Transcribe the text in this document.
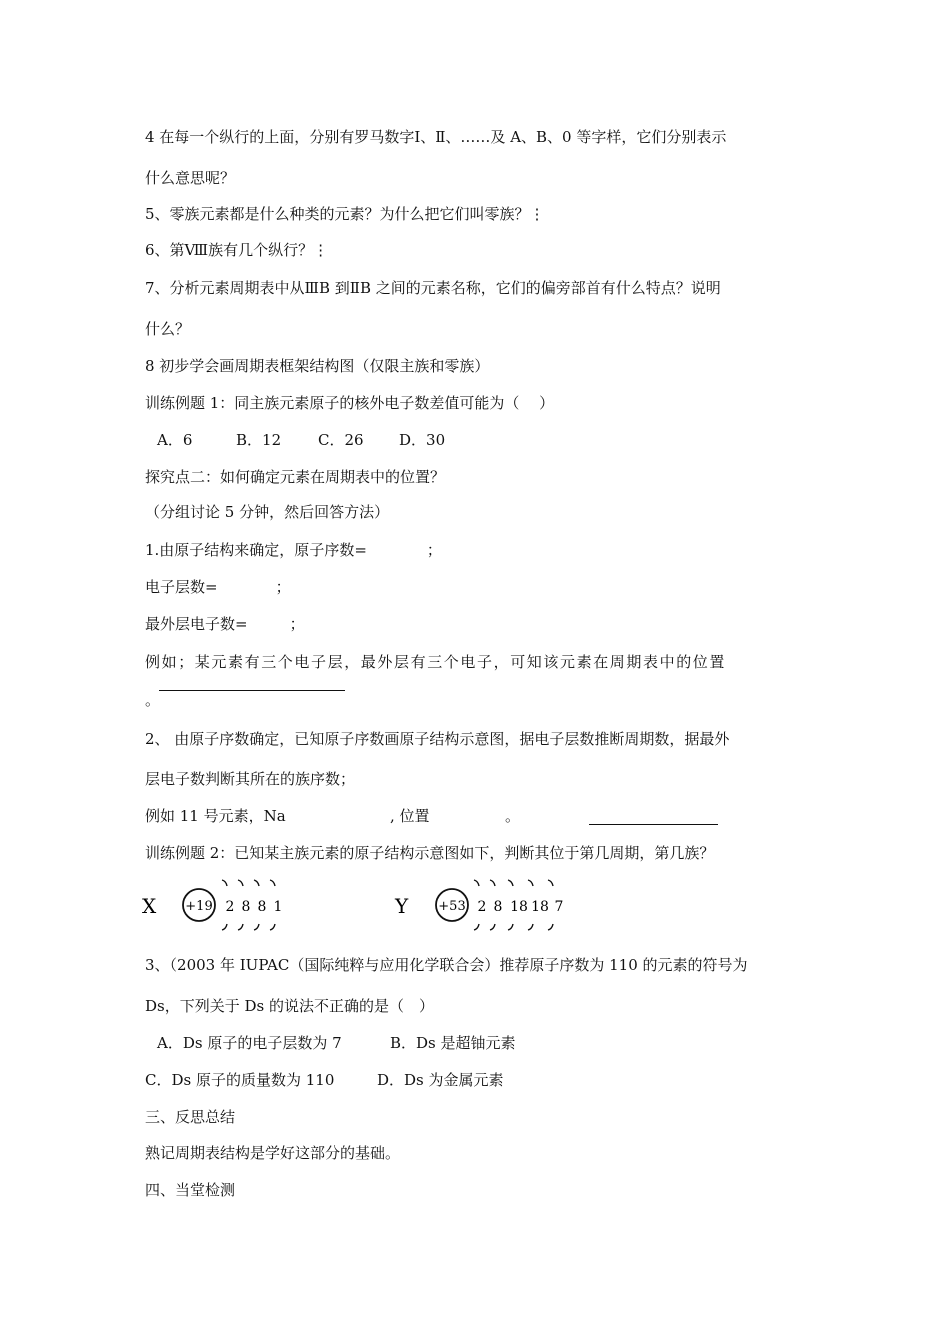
4 在每一个纵行的上面，分别有罗马数字Ⅰ、Ⅱ、……及 A、B、0 等字样，它们分别表示
什么意思呢？
5、零族元素都是什么种类的元素？为什么把它们叫零族？⋮
6、第Ⅷ族有几个纵行？⋮
7、分析元素周期表中从ⅢB 到ⅡB 之间的元素名称，它们的偏旁部首有什么特点？说明
什么？
8 初步学会画周期表框架结构图（仅限主族和零族）
训练例题 1：同主族元素原子的核外电子数差值可能为（　 ）
A．6	B．12 C．26 D．30
探究点二：如何确定元素在周期表中的位置？
（分组讨论 5 分钟，然后回答方法）
1.由原子结构来确定，原子序数=	；
电子层数=	；
最外层电子数=	；
例如；某元素有三个电子层，最外层有三个电子，可知该元素在周期表中的位置
。
2、 由原子序数确定，已知原子序数画原子结构示意图，据电子层数推断周期数，据最外
层电子数判断其所在的族序数；
例如 11 号元素，Na	, 位置	。
训练例题 2：已知某主族元素的原子结构示意图如下，判断其位于第几周期，第几族？
X +19 2 8 8 1	Y +53 2 8 18 18 7
3、（2003 年 IUPAC（国际纯粹与应用化学联合会）推荐原子序数为 110 的元素的符号为
Ds，下列关于 Ds 的说法不正确的是（　）
A．Ds 原子的电子层数为 7	B．Ds 是超铀元素
C．Ds 原子的质量数为 110	D．Ds 为金属元素
三、反思总结
熟记周期表结构是学好这部分的基础。
四、当堂检测
